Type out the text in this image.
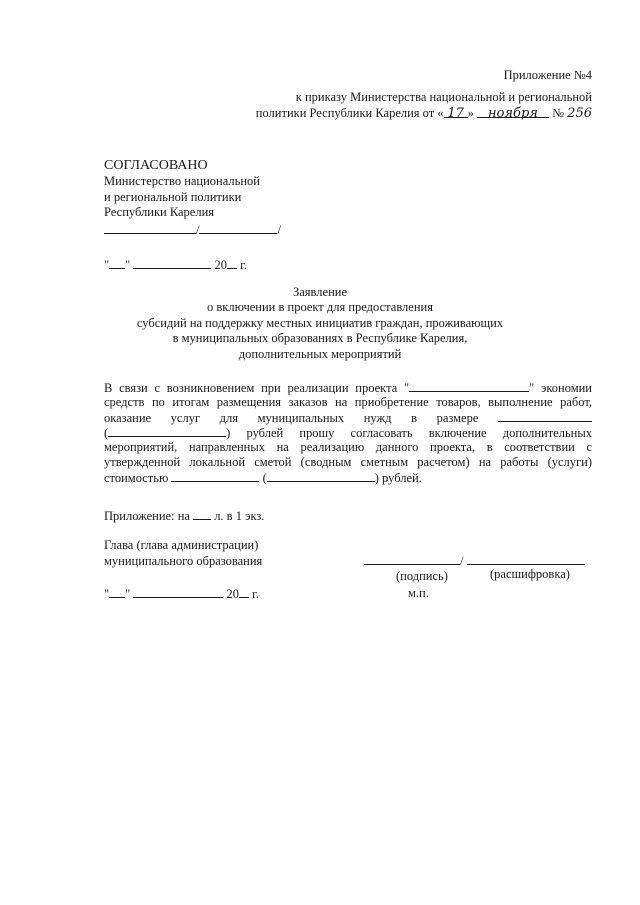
Приложение №4
к приказу Министерства национальной и региональной
политики Республики Карелия от « 17 » ноября № 256
СОГЛАСОВАНО
Министерство национальной
и региональной политики
Республики Карелия
/	/
" "	20 г.
Заявление
о включении в проект для предоставления
субсидий на поддержку местных инициатив граждан, проживающих
в муниципальных образованиях в Республике Карелия,
дополнительных мероприятий
В связи с возникновением при реализации проекта "	" экономии
средств по итогам размещения заказов на приобретение товаров, выполнение работ,
оказание услуг для муниципальных нужд в размере
(	) рублей прошу согласовать включение дополнительных
мероприятий, направленных на реализацию данного проекта, в соответствии с
утвержденной локальной сметой (сводным сметным расчетом) на работы (услуги)
стоимостью	(	) рублей.
Приложение: на л. в 1 экз.
Глава (глава администрации)
муниципального образования	/
(подпись)	(расшифровка)
м.п.
" "	20 г.
